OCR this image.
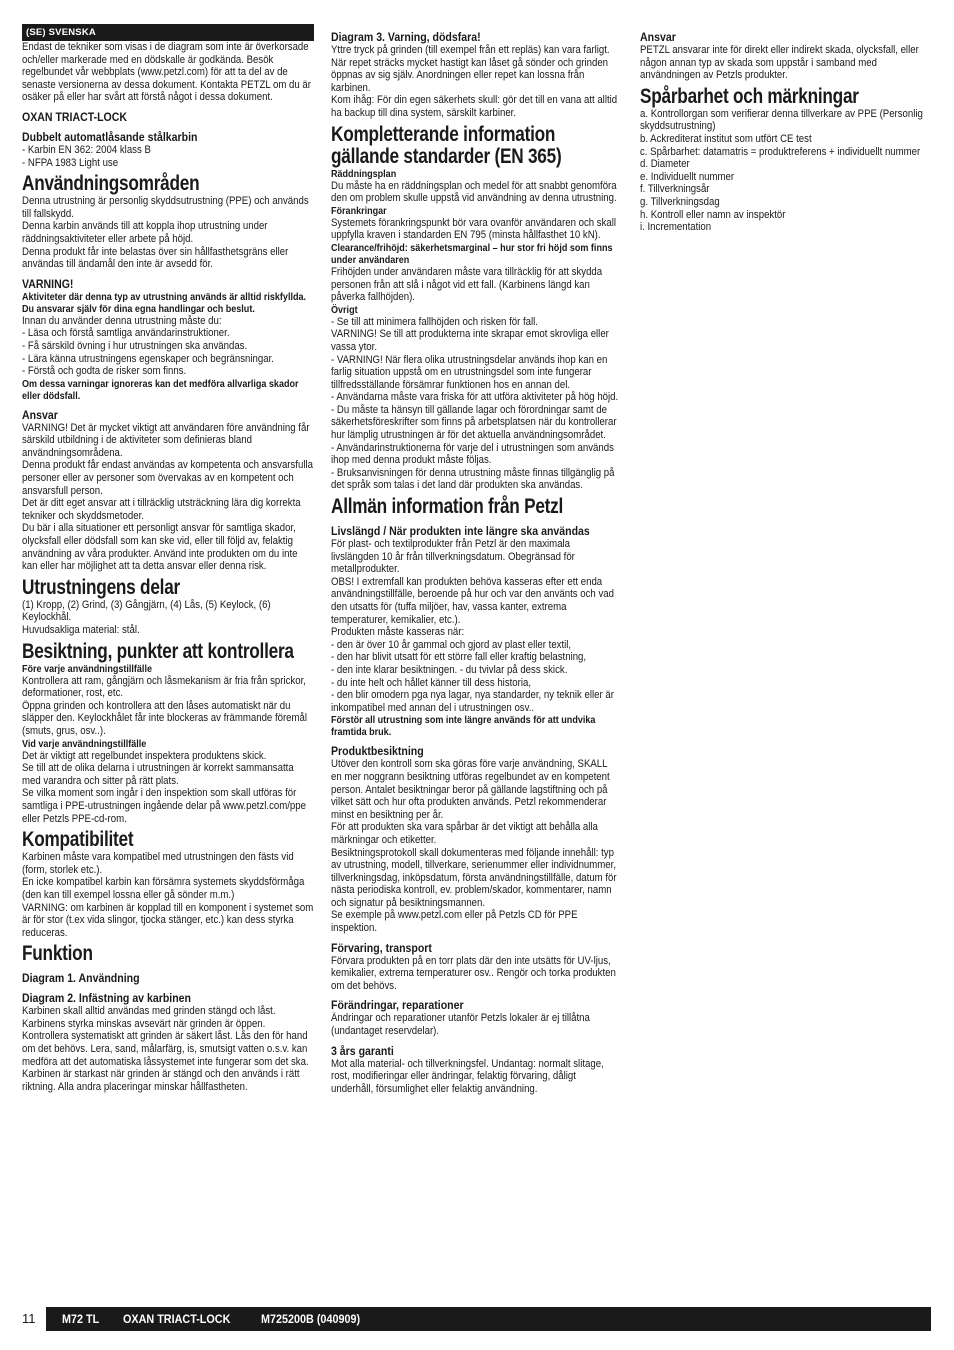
(SE) SVENSKA

Endast de tekniker som visas i de diagram som inte är överkorsade och/eller markerade med en dödskalle är godkända. Besök regelbundet vår webbplats (www.petzl.com) för att ta del av de senaste versionerna av dessa dokument. Kontakta PETZL om du är osäker på eller har svårt att förstå något i dessa dokument.

OXAN TRIACT-LOCK

Dubbelt automatlåsande stålkarbin

- Karbin EN 362: 2004 klass B

- NFPA 1983 Light use

Användningsområden

Denna utrustning är personlig skyddsutrustning (PPE) och används till fallskydd.

Denna karbin används till att koppla ihop utrustning under räddningsaktiviteter eller arbete på höjd.

Denna produkt får inte belastas över sin hållfasthetsgräns eller användas till ändamål den inte är avsedd för.

VARNING!

Aktiviteter där denna typ av utrustning används är alltid riskfyllda.

Du ansvarar själv för dina egna handlingar och beslut.

Innan du använder denna utrustning måste du:

- Läsa och förstå samtliga användarinstruktioner.

- Få särskild övning i hur utrustningen ska användas.

- Lära känna utrustningens egenskaper och begränsningar.

- Förstå och godta de risker som finns.

Om dessa varningar ignoreras kan det medföra allvarliga skador eller dödsfall.

Ansvar

VARNING! Det är mycket viktigt att användaren före användning får särskild utbildning i de aktiviteter som definieras bland användningsområdena.

Denna produkt får endast användas av kompetenta och ansvarsfulla personer eller av personer som övervakas av en kompetent och ansvarsfull person.

Det är ditt eget ansvar att i tillräcklig utsträckning lära dig korrekta tekniker och skyddsmetoder.

Du bär i alla situationer ett personligt ansvar för samtliga skador, olycksfall eller dödsfall som kan ske vid, eller till följd av, felaktig användning av våra produkter. Använd inte produkten om du inte kan eller har möjlighet att ta detta ansvar eller denna risk.

Utrustningens delar

(1) Kropp, (2) Grind, (3) Gångjärn, (4) Lås, (5) Keylock, (6) Keylockhål.

Huvudsakliga material: stål.

Besiktning, punkter att kontrollera

Före varje användningstillfälle

Kontrollera att ram, gångjärn och låsmekanism är fria från sprickor, deformationer, rost, etc.

Öppna grinden och kontrollera att den låses automatiskt när du släpper den. Keylockhålet får inte blockeras av främmande föremål (smuts, grus, osv..).

Vid varje användningstillfälle

Det är viktigt att regelbundet inspektera produktens skick.

Se till att de olika delarna i utrustningen är korrekt sammansatta med varandra och sitter på rätt plats.

Se vilka moment som ingår i den inspektion som skall utföras för samtliga i PPE-utrustningen ingående delar på www.petzl.com/ppe eller Petzls PPE-cd-rom.

Kompatibilitet

Karbinen måste vara kompatibel med utrustningen den fästs vid (form, storlek etc.).

En icke kompatibel karbin kan försämra systemets skyddsförmåga (den kan till exempel lossna eller gå sönder m.m.)

VARNING: om karbinen är kopplad till en komponent i systemet som är för stor (t.ex vida slingor, tjocka stänger, etc.) kan dess styrka reduceras.

Funktion

Diagram 1. Användning

Diagram 2. Infästning av karbinen

Karbinen skall alltid användas med grinden stängd och låst. Karbinens styrka minskas avsevärt när grinden är öppen. Kontrollera systematiskt att grinden är säkert låst. Lås den för hand om det behövs. Lera, sand, målarfärg, is, smutsigt vatten o.s.v. kan medföra att det automatiska låssystemet inte fungerar som det ska.

Karbinen är starkast när grinden är stängd och den används i rätt riktning. Alla andra placeringar minskar hållfastheten.

Diagram 3. Varning, dödsfara!

Yttre tryck på grinden (till exempel från ett repläs) kan vara farligt. När repet sträcks mycket hastigt kan låset gå sönder och grinden öppnas av sig själv. Anordningen eller repet kan lossna från karbinen.

Kom ihåg: För din egen säkerhets skull: gör det till en vana att alltid ha backup till dina system, särskilt karbiner.

Kompletterande information gällande standarder (EN 365)

Räddningsplan

Du måste ha en räddningsplan och medel för att snabbt genomföra den om problem skulle uppstå vid användning av denna utrustning.

Förankringar

Systemets förankringspunkt bör vara ovanför användaren och skall uppfylla kraven i standarden EN 795 (minsta hållfasthet 10 kN).

Clearance/frihöjd: säkerhetsmarginal – hur stor fri höjd som finns under användaren

Frihöjden under användaren måste vara tillräcklig för att skydda personen från att slå i något vid ett fall. (Karbinens längd kan påverka fallhöjden).

Övrigt

- Se till att minimera fallhöjden och risken för fall.

VARNING! Se till att produkterna inte skrapar emot skrovliga eller vassa ytor.

- VARNING! När flera olika utrustningsdelar används ihop kan en farlig situation uppstå om en utrustningsdel som inte fungerar tillfredsställande försämrar funktionen hos en annan del.

- Användarna måste vara friska för att utföra aktiviteter på hög höjd.

- Du måste ta hänsyn till gällande lagar och förordningar samt de säkerhetsföreskrifter som finns på arbetsplatsen när du kontrollerar hur lämplig utrustningen är för det aktuella användningsområdet.

- Användarinstruktionerna för varje del i utrustningen som används ihop med denna produkt måste följas.

- Bruksanvisningen för denna utrustning måste finnas tillgänglig på det språk som talas i det land där produkten ska användas.

Allmän information från Petzl

Livslängd / När produkten inte längre ska användas

För plast- och textilprodukter från Petzl är den maximala livslängden 10 år från tillverkningsdatum. Obegränsad för metallprodukter.

OBS! I extremfall kan produkten behöva kasseras efter ett enda användningstillfälle, beroende på hur och var den använts och vad den utsatts för (tuffa miljöer, hav, vassa kanter, extrema temperaturer, kemikalier, etc.).

Produkten måste kasseras när:

- den är över 10 år gammal och gjord av plast eller textil,

- den har blivit utsatt för ett större fall eller kraftig belastning,

- den inte klarar besiktningen. - du tvivlar på dess skick.

- du inte helt och hållet känner till dess historia,

- den blir omodern pga nya lagar, nya standarder, ny teknik eller är inkompatibel med annan del i utrustningen osv..

Förstör all utrustning som inte längre används för att undvika framtida bruk.

Produktbesiktning

Utöver den kontroll som ska göras före varje användning, SKALL en mer noggrann besiktning utföras regelbundet av en kompetent person. Antalet besiktningar beror på gällande lagstiftning och på vilket sätt och hur ofta produkten används. Petzl rekommenderar minst en besiktning per år.

För att produkten ska vara spårbar är det viktigt att behålla alla märkningar och etiketter.

Besiktningsprotokoll skall dokumenteras med följande innehåll: typ av utrustning, modell, tillverkare, serienummer eller individnummer, tillverkningsdag, inköpsdatum, första användningstillfälle, datum för nästa periodiska kontroll, ev. problem/skador, kommentarer, namn och signatur på besiktningsmannen.

Se exemple på www.petzl.com eller på Petzls CD för PPE inspektion.

Förvaring, transport

Förvara produkten på en torr plats där den inte utsätts för UV-ljus, kemikalier, extrema temperaturer osv.. Rengör och torka produkten om det behövs.

Förändringar, reparationer

Ändringar och reparationer utanför Petzls lokaler är ej tillåtna (undantaget reservdelar).

3 års garanti

Mot alla material- och tillverkningsfel. Undantag: normalt slitage, rost, modifieringar eller ändringar, felaktig förvaring, dåligt underhåll, försumlighet eller felaktig användning.

Ansvar

PETZL ansvarar inte för direkt eller indirekt skada, olycksfall, eller någon annan typ av skada som uppstår i samband med användningen av Petzls produkter.

Spårbarhet och märkningar

a. Kontrollorgan som verifierar denna tillverkare av PPE (Personlig skyddsutrustning)

b. Ackrediterat institut som utfört CE test

c. Spårbarhet: datamatris = produktreferens + individuellt nummer

d. Diameter

e. Individuellt nummer

f. Tillverkningsår

g. Tillverkningsdag

h. Kontroll eller namn av inspektör

i. Incrementation

11	M72 TL OXAN TRIACT-LOCK	M725200B (040909)
